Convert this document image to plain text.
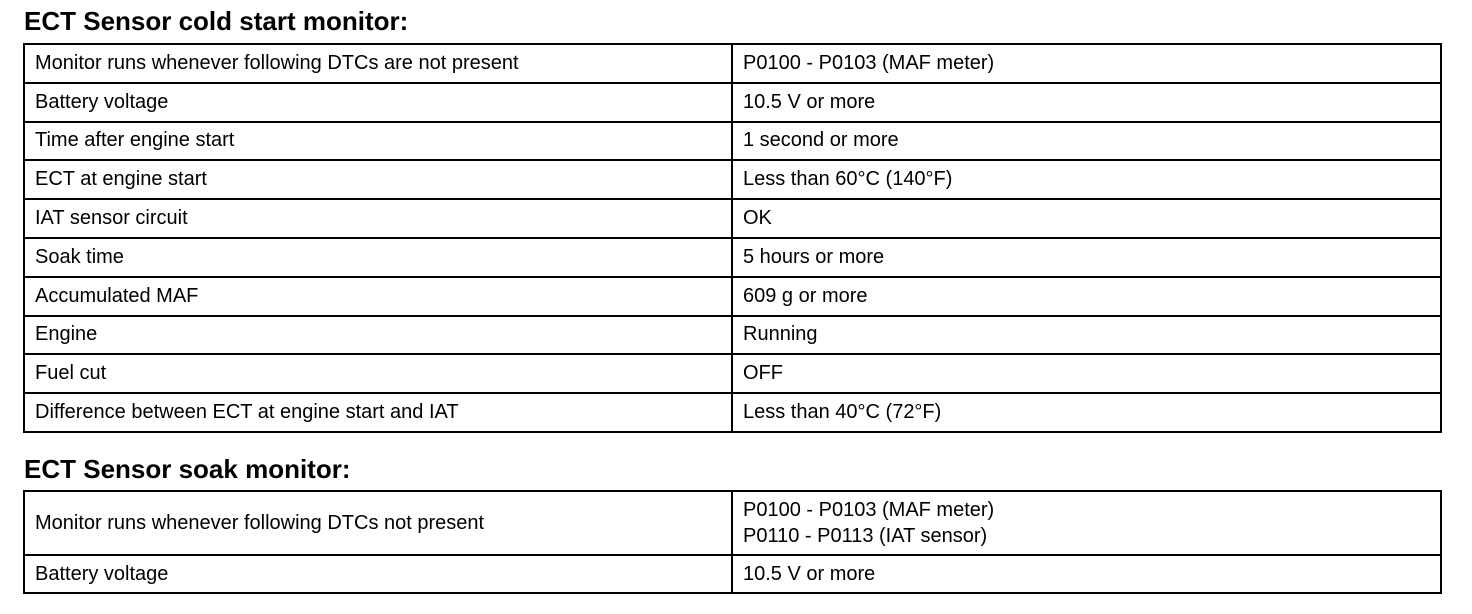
ECT Sensor cold start monitor:
Monitor runs whenever following DTCs are not present	P0100 - P0103 (MAF meter)
Battery voltage	10.5 V or more
Time after engine start	1 second or more
ECT at engine start	Less than 60°C (140°F)
IAT sensor circuit	OK
Soak time	5 hours or more
Accumulated MAF	609 g or more
Engine	Running
Fuel cut	OFF
Difference between ECT at engine start and IAT	Less than 40°C (72°F)
ECT Sensor soak monitor:
Monitor runs whenever following DTCs not present	P0100 - P0103 (MAF meter)
P0110 - P0113 (IAT sensor)

Battery voltage	10.5 V or more
